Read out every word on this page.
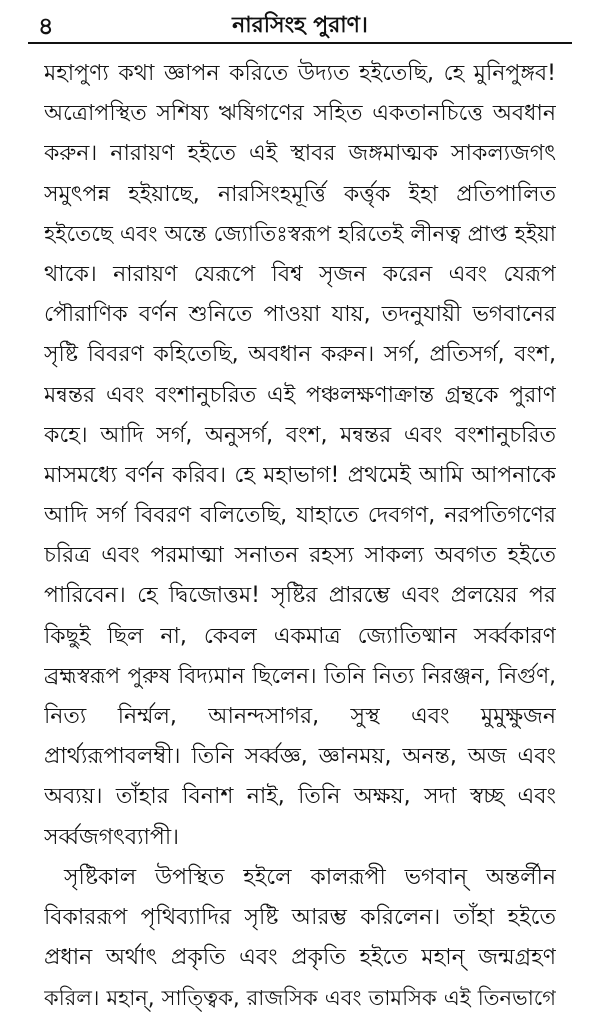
৪	নারসিংহ পুরাণ।
মহাপুণ্য কথা জ্ঞাপন করিতে উদ্যত হইতেছি, হে মুনিপুঙ্গব!
অত্রোপস্থিত সশিষ্য ঋষিগণের সহিত একতানচিত্তে অবধান
করুন। নারায়ণ হইতে এই স্থাবর জঙ্গমাত্মক সাকল্যজগৎ
সমুৎপন্ন হইয়াছে, নারসিংহমূর্ত্তি কর্ত্তৃক ইহা প্রতিপালিত
হইতেছে এবং অন্তে জ্যোতিঃস্বরূপ হরিতেই লীনত্ব প্রাপ্ত হইয়া
থাকে। নারায়ণ যেরূপে বিশ্ব সৃজন করেন এবং যেরূপ
পৌরাণিক বর্ণন শুনিতে পাওয়া যায়, তদনুযায়ী ভগবানের
সৃষ্টি বিবরণ কহিতেছি, অবধান করুন। সর্গ, প্রতিসর্গ, বংশ,
মন্বন্তর এবং বংশানুচরিত এই পঞ্চলক্ষণাক্রান্ত গ্রন্থকে পুরাণ
কহে। আদি সর্গ, অনুসর্গ, বংশ, মন্বন্তর এবং বংশানুচরিত
মাসমধ্যে বর্ণন করিব। হে মহাভাগ! প্রথমেই আমি আপনাকে
আদি সর্গ বিবরণ বলিতেছি, যাহাতে দেবগণ, নরপতিগণের
চরিত্র এবং পরমাত্মা সনাতন রহস্য সাকল্য অবগত হইতে
পারিবেন। হে দ্বিজোত্তম! সৃষ্টির প্রারম্ভে এবং প্রলয়ের পর
কিছুই ছিল না, কেবল একমাত্র জ্যোতিষ্মান সর্ব্বকারণ
ব্রহ্মস্বরূপ পুরুষ বিদ্যমান ছিলেন। তিনি নিত্য নিরঞ্জন, নির্গুণ,
নিত্য নির্ম্মল, আনন্দসাগর, সুস্থ এবং মুমুক্ষুজন
প্রার্থ্যরূপাবলম্বী। তিনি সর্ব্বজ্ঞ, জ্ঞানময়, অনন্ত, অজ এবং
অব্যয়। তাঁহার বিনাশ নাই, তিনি অক্ষয়, সদা স্বচ্ছ এবং
সর্ব্বজগৎব্যাপী।
সৃষ্টিকাল উপস্থিত হইলে কালরূপী ভগবান্ অন্তর্লীন
বিকাররূপ পৃথিব্যাদির সৃষ্টি আরম্ভ করিলেন। তাঁহা হইতে
প্রধান অর্থাৎ প্রকৃতি এবং প্রকৃতি হইতে মহান্ জন্মগ্রহণ
করিল। মহান্, সাত্ত্বিক, রাজসিক এবং তামসিক এই তিনভাগে
